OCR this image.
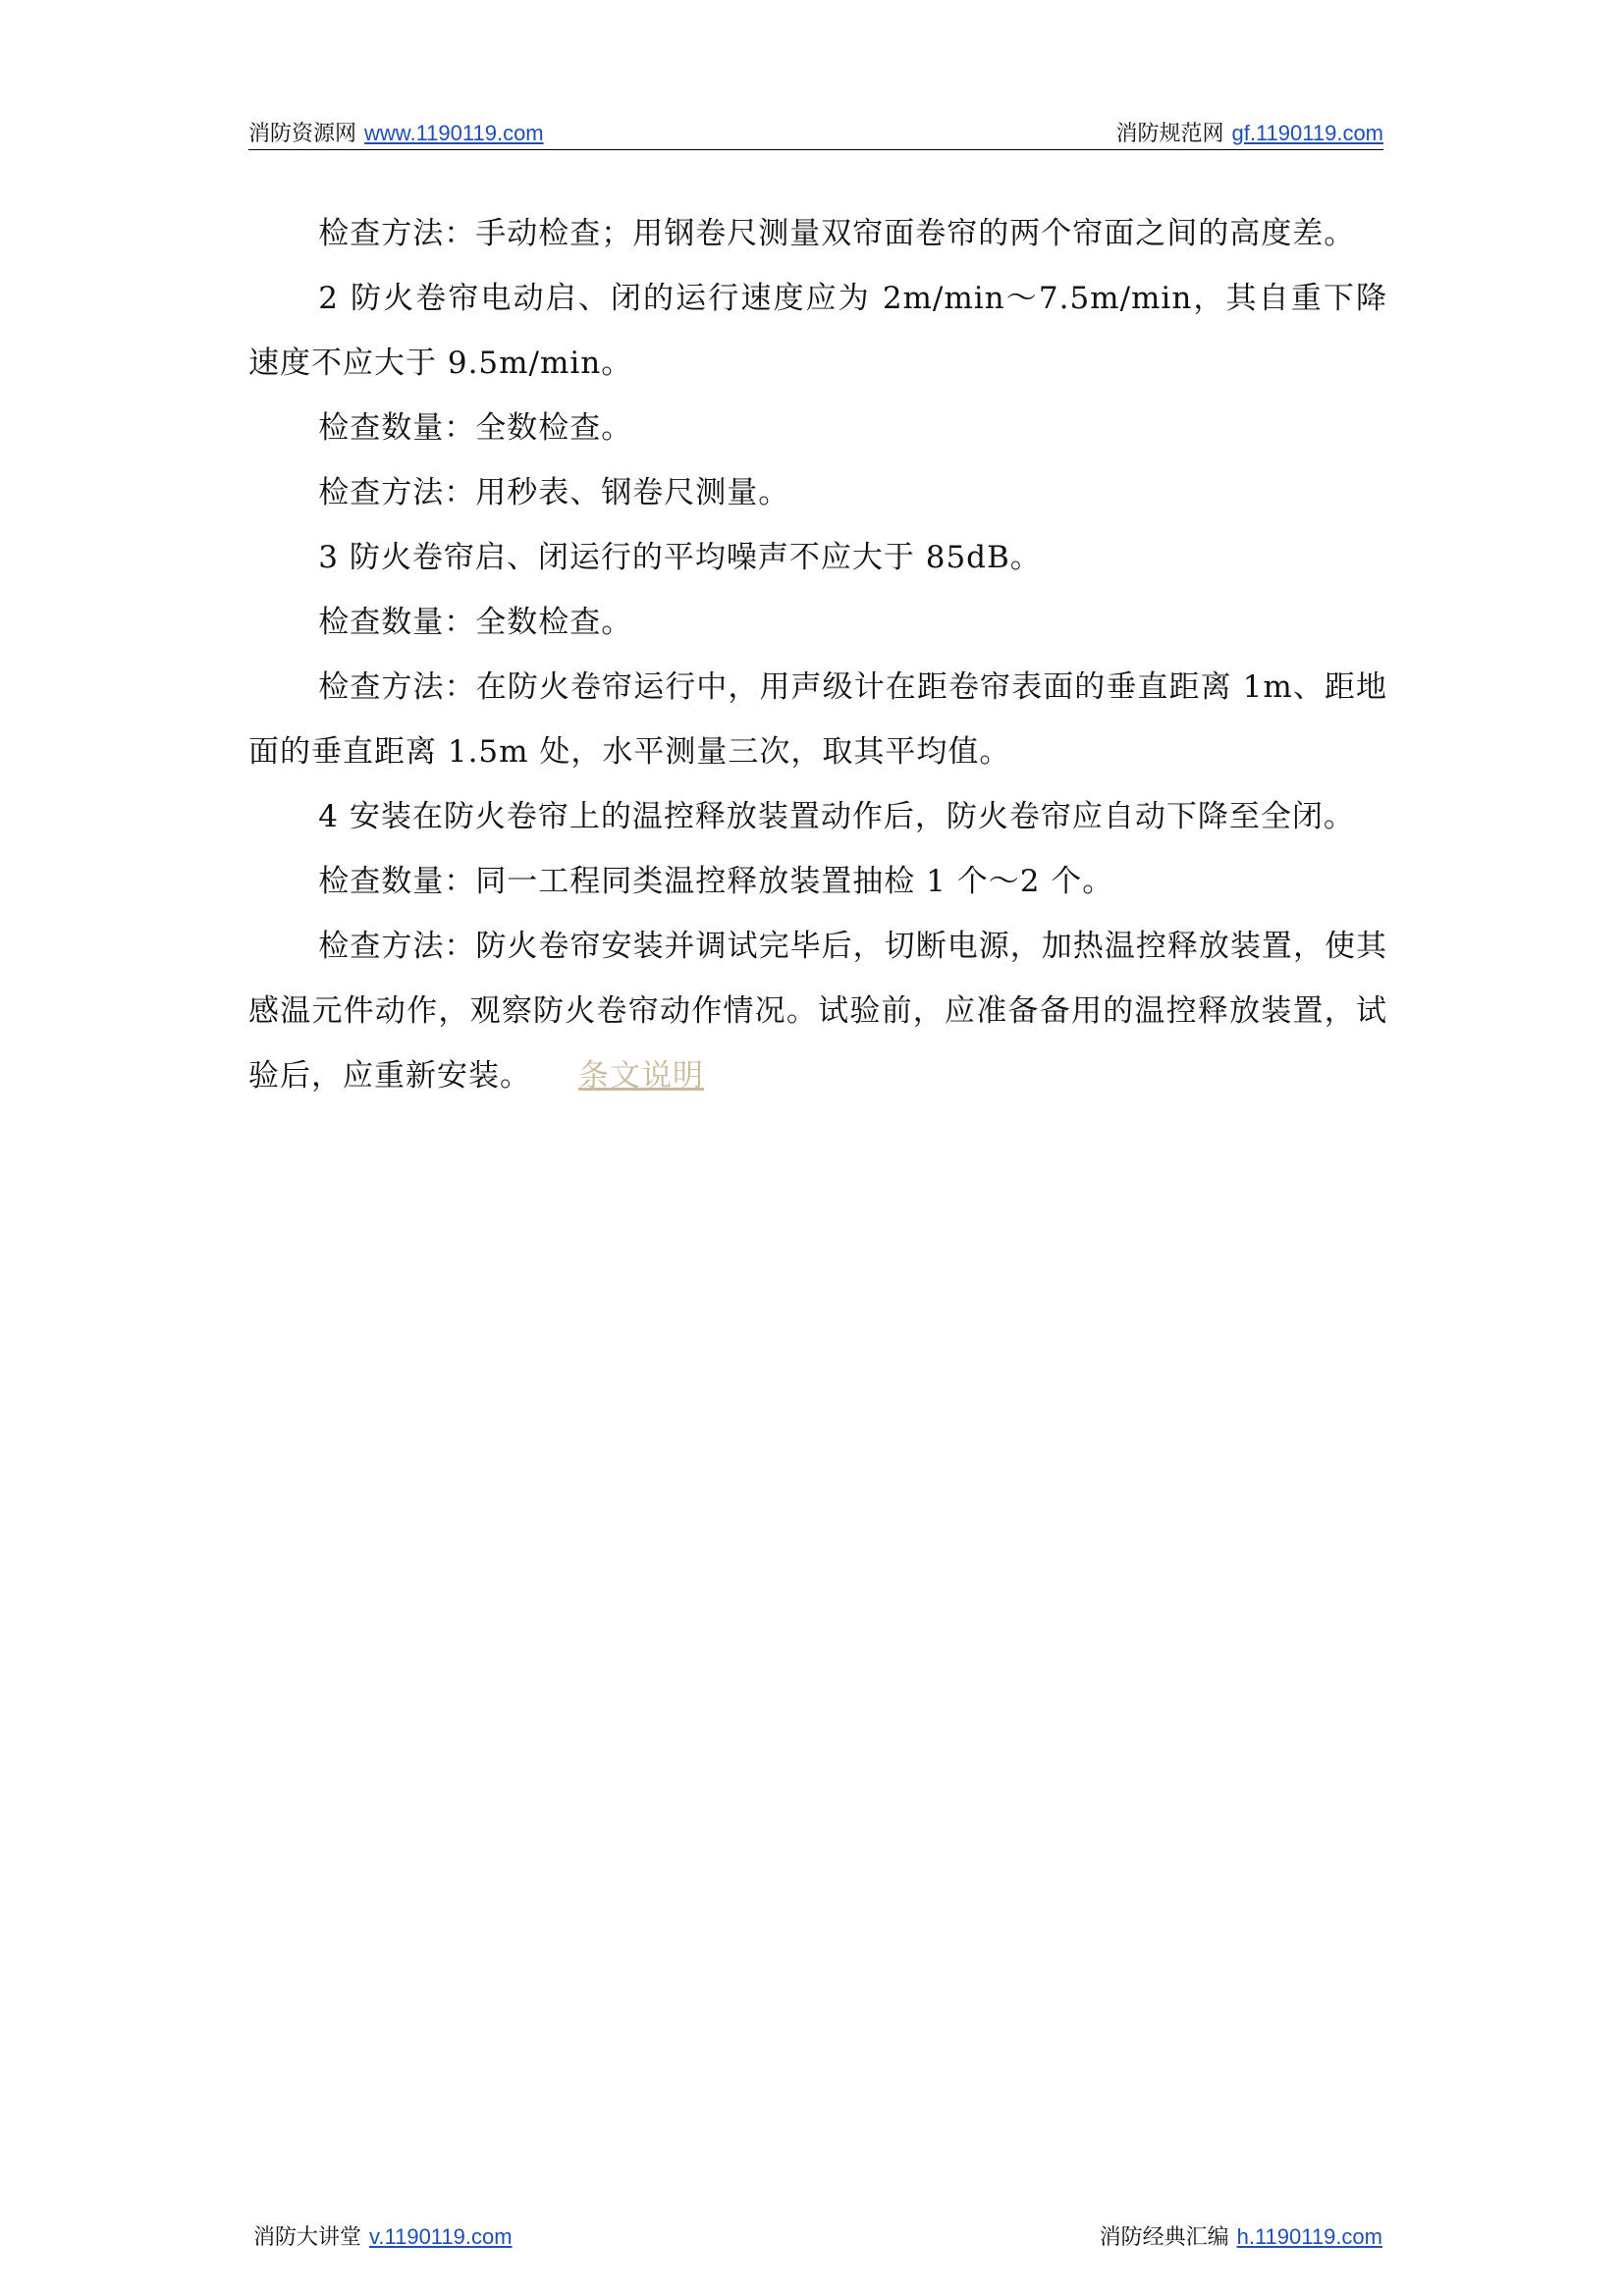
消防资源网 www.1190119.com	消防规范网 gf.1190119.com

检查方法：手动检查；用钢卷尺测量双帘面卷帘的两个帘面之间的高度差。

2 防火卷帘电动启、闭的运行速度应为 2m/min～7.5m/min，其自重下降速度不应大于 9.5m/min。

检查数量：全数检查。

检查方法：用秒表、钢卷尺测量。

3 防火卷帘启、闭运行的平均噪声不应大于 85dB。

检查数量：全数检查。

检查方法：在防火卷帘运行中，用声级计在距卷帘表面的垂直距离 1m、距地面的垂直距离 1.5m 处，水平测量三次，取其平均值。

4 安装在防火卷帘上的温控释放装置动作后，防火卷帘应自动下降至全闭。

检查数量：同一工程同类温控释放装置抽检 1 个～2 个。

检查方法：防火卷帘安装并调试完毕后，切断电源，加热温控释放装置，使其感温元件动作，观察防火卷帘动作情况。试验前，应准备备用的温控释放装置，试验后，应重新安装。 条文说明

消防大讲堂 v.1190119.com	消防经典汇编 h.1190119.com
